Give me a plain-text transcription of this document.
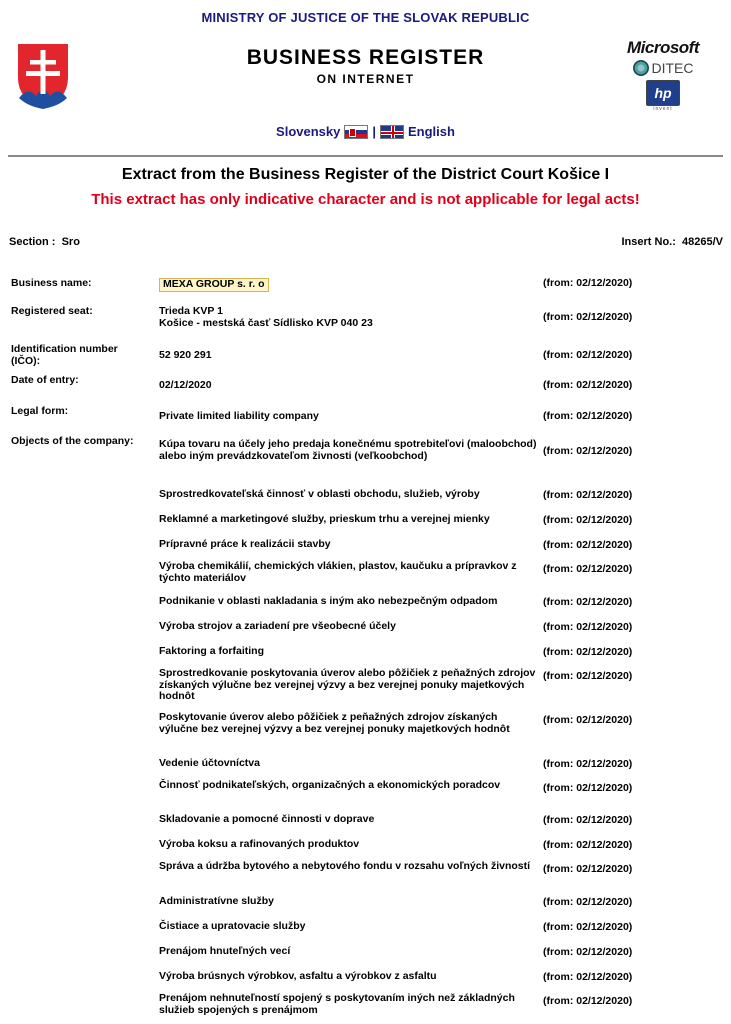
MINISTRY OF JUSTICE OF THE SLOVAK REPUBLIC
BUSINESS REGISTER
ON INTERNET
Microsoft
DITEC
hp
invent
Slovensky | English
Extract from the Business Register of the District Court Košice I
This extract has only indicative character and is not applicable for legal acts!
Section : Sro	Insert No.: 48265/V
Business name:	MEXA GROUP s. r. o	(from: 02/12/2020)
Registered seat:	Trieda KVP 1
Košice - mestská časť Sídlisko KVP 040 23	(from: 02/12/2020)
Identification number (IČO):	52 920 291	(from: 02/12/2020)
Date of entry:	02/12/2020	(from: 02/12/2020)
Legal form:	Private limited liability company	(from: 02/12/2020)
Objects of the company:	Kúpa tovaru na účely jeho predaja konečnému spotrebiteľovi (maloobchod) alebo iným prevádzkovateľom živnosti (veľkoobchod)	(from: 02/12/2020)
Sprostredkovateľská činnosť v oblasti obchodu, služieb, výroby	(from: 02/12/2020)
Reklamné a marketingové služby, prieskum trhu a verejnej mienky	(from: 02/12/2020)
Prípravné práce k realizácii stavby	(from: 02/12/2020)
Výroba chemikálií, chemických vlákien, plastov, kaučuku a prípravkov z týchto materiálov
(from: 02/12/2020)
Podnikanie v oblasti nakladania s iným ako nebezpečným odpadom	(from: 02/12/2020)
Výroba strojov a zariadení pre všeobecné účely	(from: 02/12/2020)
Faktoring a forfaiting	(from: 02/12/2020)
Sprostredkovanie poskytovania úverov alebo pôžičiek z peňažných zdrojov získaných výlučne bez verejnej výzvy a bez verejnej ponuky majetkových hodnôt
(from: 02/12/2020)
Poskytovanie úverov alebo pôžičiek z peňažných zdrojov získaných výlučne bez verejnej výzvy a bez verejnej ponuky majetkových hodnôt
(from: 02/12/2020)
Vedenie účtovníctva	(from: 02/12/2020)
Činnosť podnikateľských, organizačných a ekonomických poradcov	(from: 02/12/2020)
Skladovanie a pomocné činnosti v doprave	(from: 02/12/2020)
Výroba koksu a rafinovaných produktov	(from: 02/12/2020)
Správa a údržba bytového a nebytového fondu v rozsahu voľných živností	(from: 02/12/2020)
Administratívne služby	(from: 02/12/2020)
Čistiace a upratovacie služby	(from: 02/12/2020)
Prenájom hnuteľných vecí	(from: 02/12/2020)
Výroba brúsnych výrobkov, asfaltu a výrobkov z asfaltu	(from: 02/12/2020)
Prenájom nehnuteľností spojený s poskytovaním iných než základných služieb spojených s prenájmom
(from: 02/12/2020)
